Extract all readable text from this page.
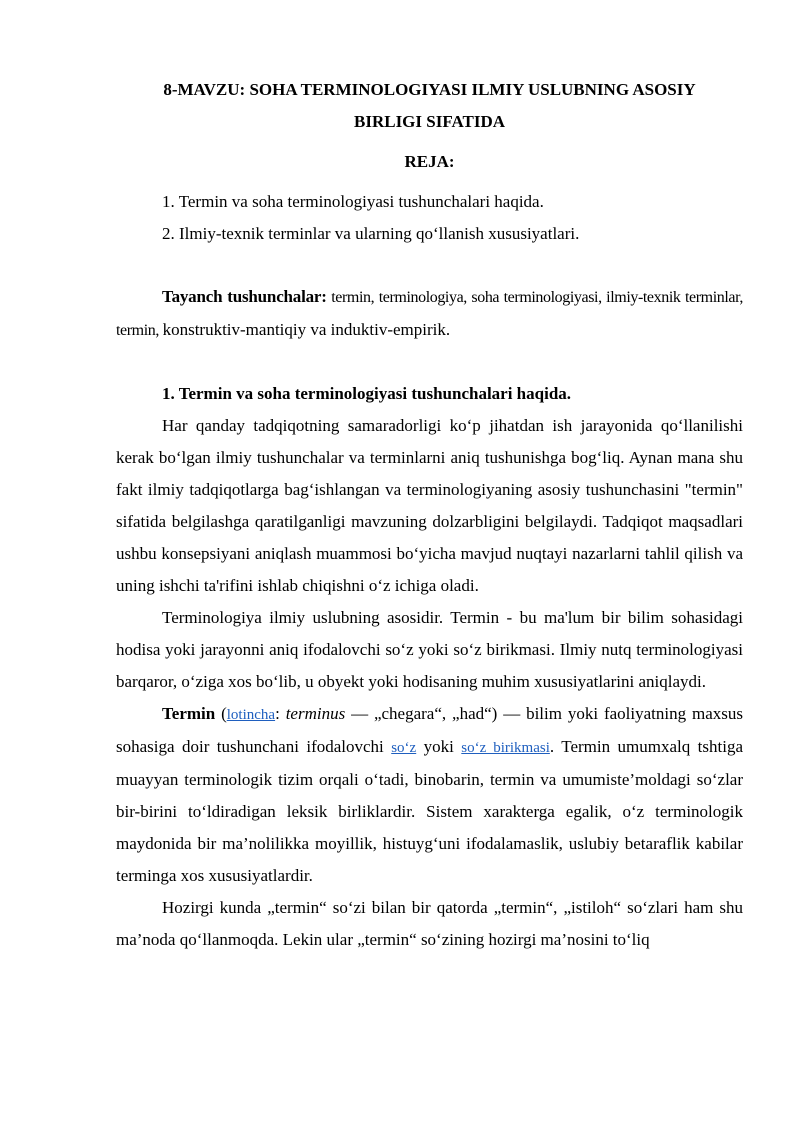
8-MAVZU: SOHA TERMINOLOGIYASI ILMIY USLUBNING ASOSIY
BIRLIGI SIFATIDA

REJA:

1. Termin va soha terminologiyasi tushunchalari haqida.
2. Ilmiy-texnik terminlar va ularning qo‘llanish xususiyatlari.

Tayanch tushunchalar: termin, terminologiya, soha terminologiyasi, ilmiy-texnik terminlar, termin, konstruktiv-mantiqiy va induktiv-empirik.

1. Termin va soha terminologiyasi tushunchalari haqida.

Har qanday tadqiqotning samaradorligi ko‘p jihatdan ish jarayonida qo‘llanilishi kerak bo‘lgan ilmiy tushunchalar va terminlarni aniq tushunishga bog‘liq. Aynan mana shu fakt ilmiy tadqiqotlarga bag‘ishlangan va terminologiyaning asosiy tushunchasini "termin" sifatida belgilashga qaratilganligi mavzuning dolzarbligini belgilaydi. Tadqiqot maqsadlari ushbu konsepsiyani aniqlash muammosi bo‘yicha mavjud nuqtayi nazarlarni tahlil qilish va uning ishchi ta'rifini ishlab chiqishni o‘z ichiga oladi.

Terminologiya ilmiy uslubning asosidir. Termin - bu ma'lum bir bilim sohasidagi hodisa yoki jarayonni aniq ifodalovchi so‘z yoki so‘z birikmasi. Ilmiy nutq terminologiyasi barqaror, o‘ziga xos bo‘lib, u obyekt yoki hodisaning muhim xususiyatlarini aniqlaydi.

Termin (lotincha: terminus — „chegara“, „had“) — bilim yoki faoliyatning maxsus sohasiga doir tushunchani ifodalovchi so‘z yoki so‘z birikmasi. Termin umumxalq tshtiga muayyan terminologik tizim orqali o‘tadi, binobarin, termin va umumiste’moldagi so‘zlar bir-birini to‘ldiradigan leksik birliklardir. Sistem xarakterga egalik, o‘z terminologik maydonida bir ma’nolilikka moyillik, histuyg‘uni ifodalamaslik, uslubiy betaraflik kabilar terminga xos xususiyatlardir.

Hozirgi kunda „termin“ so‘zi bilan bir qatorda „termin“, „istiloh“ so‘zlari ham shu ma’noda qo‘llanmoqda. Lekin ular „termin“ so‘zining hozirgi ma’nosini to‘liq
